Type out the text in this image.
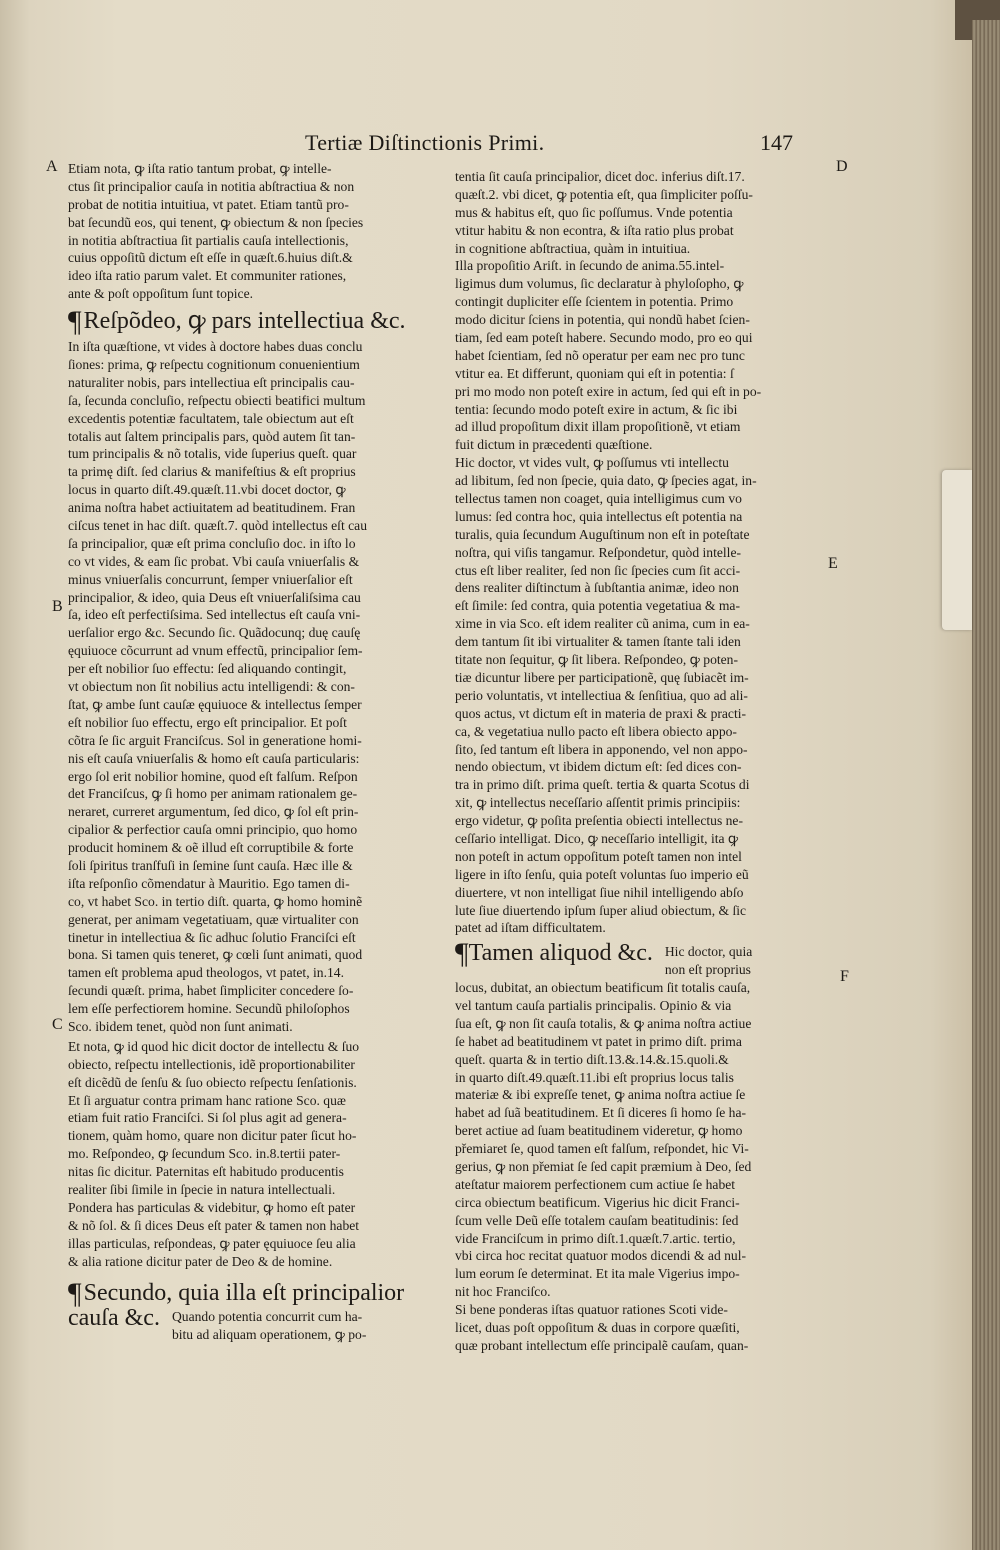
Tertiæ Diſtinctionis Primi.	147
A
B
C
D
E
F
Etiam nota, ꝙ iſta ratio tantum probat, ꝙ intelle-
ctus ſit principalior cauſa in notitia abſtractiua & non
probat de notitia intuitiua, vt patet. Etiam tantũ pro-
bat ſecundũ eos, qui tenent, ꝙ obiectum & non ſpecies
in notitia abſtractiua ſit partialis cauſa intellectionis,
cuius oppoſitũ dictum eſt eſſe in quæſt.6.huius diſt.&
ideo iſta ratio parum valet. Et communiter rationes,
ante & poſt oppoſitum ſunt topice.
¶Reſpõdeo, ꝙ pars intellectiua &c.
In iſta quæſtione, vt vides à doctore habes duas conclu
ſiones: prima, ꝙ reſpectu cognitionum conuenientium
naturaliter nobis, pars intellectiua eſt principalis cau-
ſa, ſecunda concluſio, reſpectu obiecti beatifici multum
excedentis potentiæ facultatem, tale obiectum aut eſt
totalis aut ſaltem principalis pars, quòd autem ſit tan-
tum principalis & nõ totalis, vide ſuperius queſt. quar
ta primę diſt. ſed clarius & manifeſtius & eſt proprius
locus in quarto diſt.49.quæſt.11.vbi docet doctor, ꝙ
anima noſtra habet actiuitatem ad beatitudinem. Fran
ciſcus tenet in hac diſt. quæſt.7. quòd intellectus eſt cau
ſa principalior, quæ eſt prima concluſio doc. in iſto lo
co vt vides, & eam ſic probat. Vbi cauſa vniuerſalis &
minus vniuerſalis concurrunt, ſemper vniuerſalior eſt
principalior, & ideo, quia Deus eſt vniuerſaliſsima cau
ſa, ideo eſt perfectiſsima. Sed intellectus eſt cauſa vni-
uerſalior ergo &c. Secundo ſic. Quãdocunq; duę cauſę
ęquiuoce cõcurrunt ad vnum effectũ, principalior ſem-
per eſt nobilior ſuo effectu: ſed aliquando contingit,
vt obiectum non ſit nobilius actu intelligendi: & con-
ſtat, ꝙ ambe ſunt cauſæ ęquiuoce & intellectus ſemper
eſt nobilior ſuo effectu, ergo eſt principalior. Et poſt
cõtra ſe ſic arguit Franciſcus. Sol in generatione homi-
nis eſt cauſa vniuerſalis & homo eſt cauſa particularis:
ergo ſol erit nobilior homine, quod eſt falſum. Reſpon
det Franciſcus, ꝙ ſi homo per animam rationalem ge-
neraret, curreret argumentum, ſed dico, ꝙ ſol eſt prin-
cipalior & perfectior cauſa omni principio, quo homo
producit hominem & oẽ illud eſt corruptibile & forte
ſoli ſpiritus tranſfuſi in ſemine ſunt cauſa. Hæc ille &
iſta reſponſio cõmendatur à Mauritio. Ego tamen di-
co, vt habet Sco. in tertio diſt. quarta, ꝙ homo hominẽ
generat, per animam vegetatiuam, quæ virtualiter con
tinetur in intellectiua & ſic adhuc ſolutio Franciſci eſt
bona. Si tamen quis teneret, ꝙ cœli ſunt animati, quod
tamen eſt problema apud theologos, vt patet, in.14.
ſecundi quæſt. prima, habet ſimpliciter concedere ſo-
lem eſſe perfectiorem homine. Secundũ philoſophos
Sco. ibidem tenet, quòd non ſunt animati.
Et nota, ꝙ id quod hic dicit doctor de intellectu & ſuo
obiecto, reſpectu intellectionis, idẽ proportionabiliter
eſt dicẽdũ de ſenſu & ſuo obiecto reſpectu ſenſationis.
Et ſi arguatur contra primam hanc ratione Sco. quæ
etiam fuit ratio Franciſci. Si ſol plus agit ad genera-
tionem, quàm homo, quare non dicitur pater ſicut ho-
mo. Reſpondeo, ꝙ ſecundum Sco. in.8.tertii pater-
nitas ſic dicitur. Paternitas eſt habitudo producentis
realiter ſibi ſimile in ſpecie in natura intellectuali.
Pondera has particulas & videbitur, ꝙ homo eſt pater
& nõ ſol. & ſi dices Deus eſt pater & tamen non habet
illas particulas, reſpondeas, ꝙ pater ęquiuoce ſeu alia
& alia ratione dicitur pater de Deo & de homine.
¶Secundo, quia illa eſt principalior
cauſa &c. Quando potentia concurrit cum ha-
bitu ad aliquam operationem, ꝙ po-
tentia ſit cauſa principalior, dicet doc. inferius diſt.17.
quæſt.2. vbi dicet, ꝙ potentia eſt, qua ſimpliciter poſſu-
mus & habitus eſt, quo ſic poſſumus. Vnde potentia
vtitur habitu & non econtra, & iſta ratio plus probat
in cognitione abſtractiua, quàm in intuitiua.
Illa propoſitio Ariſt. in ſecundo de anima.55.intel-
ligimus dum volumus, ſic declaratur à phyloſopho, ꝙ
contingit dupliciter eſſe ſcientem in potentia. Primo
modo dicitur ſciens in potentia, qui nondũ habet ſcien-
tiam, ſed eam poteſt habere. Secundo modo, pro eo qui
habet ſcientiam, ſed nõ operatur per eam nec pro tunc
vtitur ea. Et differunt, quoniam qui eſt in potentia: ſ
pri mo modo non poteſt exire in actum, ſed qui eſt in po-
tentia: ſecundo modo poteſt exire in actum, & ſic ibi
ad illud propoſitum dixit illam propoſitionẽ, vt etiam
fuit dictum in præcedenti quæſtione.
Hic doctor, vt vides vult, ꝙ poſſumus vti intellectu
ad libitum, ſed non ſpecie, quia dato, ꝙ ſpecies agat, in-
tellectus tamen non coaget, quia intelligimus cum vo
lumus: ſed contra hoc, quia intellectus eſt potentia na
turalis, quia ſecundum Auguſtinum non eſt in poteſtate
noſtra, qui viſis tangamur. Reſpondetur, quòd intelle-
ctus eſt liber realiter, ſed non ſic ſpecies cum ſit acci-
dens realiter diſtinctum à ſubſtantia animæ, ideo non
eſt ſimile: ſed contra, quia potentia vegetatiua & ma-
xime in via Sco. eſt idem realiter cũ anima, cum in ea-
dem tantum ſit ibi virtualiter & tamen ſtante tali iden
titate non ſequitur, ꝙ ſit libera. Reſpondeo, ꝙ poten-
tiæ dicuntur libere per participationẽ, quę ſubiacẽt im-
perio voluntatis, vt intellectiua & ſenſitiua, quo ad ali-
quos actus, vt dictum eſt in materia de praxi & practi-
ca, & vegetatiua nullo pacto eſt libera obiecto appo-
ſito, ſed tantum eſt libera in apponendo, vel non appo-
nendo obiectum, vt ibidem dictum eſt: ſed dices con-
tra in primo diſt. prima queſt. tertia & quarta Scotus di
xit, ꝙ intellectus neceſſario aſſentit primis principiis:
ergo videtur, ꝙ poſita preſentia obiecti intellectus ne-
ceſſario intelligat. Dico, ꝙ neceſſario intelligit, ita ꝙ
non poteſt in actum oppoſitum poteſt tamen non intel
ligere in iſto ſenſu, quia poteſt voluntas ſuo imperio eũ
diuertere, vt non intelligat ſiue nihil intelligendo abſo
lute ſiue diuertendo ipſum ſuper aliud obiectum, & ſic
patet ad iſtam difficultatem.
¶Tamen aliquod &c. Hic doctor, quia
non eſt proprius
locus, dubitat, an obiectum beatificum ſit totalis cauſa,
vel tantum cauſa partialis principalis. Opinio & via
ſua eſt, ꝙ non ſit cauſa totalis, & ꝙ anima noſtra actiue
ſe habet ad beatitudinem vt patet in primo diſt. prima
queſt. quarta & in tertio diſt.13.&.14.&.15.quoli.&
in quarto diſt.49.quæſt.11.ibi eſt proprius locus talis
materiæ & ibi expreſſe tenet, ꝙ anima noſtra actiue ſe
habet ad ſuã beatitudinem. Et ſi diceres ſi homo ſe ha-
beret actiue ad ſuam beatitudinem videretur, ꝙ homo
přemiaret ſe, quod tamen eſt falſum, reſpondet, hic Vi-
gerius, ꝙ non přemiat ſe ſed capit præmium à Deo, ſed
ateſtatur maiorem perfectionem cum actiue ſe habet
circa obiectum beatificum. Vigerius hic dicit Franci-
ſcum velle Deũ eſſe totalem cauſam beatitudinis: ſed
vide Franciſcum in primo diſt.1.quæſt.7.artic. tertio,
vbi circa hoc recitat quatuor modos dicendi & ad nul-
lum eorum ſe determinat. Et ita male Vigerius impo-
nit hoc Franciſco.
Si bene ponderas iſtas quatuor rationes Scoti vide-
licet, duas poſt oppoſitum & duas in corpore quæſiti,
quæ probant intellectum eſſe principalẽ cauſam, quan-
